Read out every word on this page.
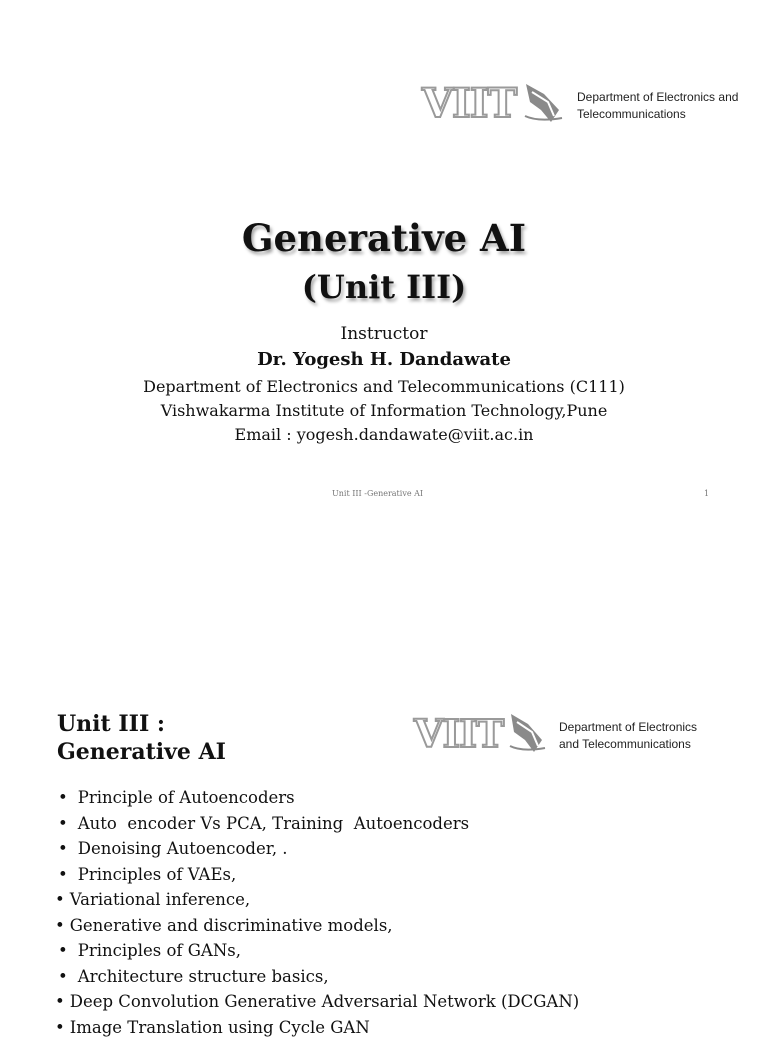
VIIT	Department of Electronics and
Telecommunications
Generative AI
(Unit III)
Instructor
Dr. Yogesh H. Dandawate
Department of Electronics and Telecommunications (C111)
Vishwakarma Institute of Information Technology,Pune
Email : yogesh.dandawate@viit.ac.in
Unit III -Generative AI	1
Unit III :
Generative AI	VIIT	Department of Electronics
and Telecommunications
• Principle of Autoencoders
• Auto  encoder Vs PCA, Training  Autoencoders
• Denoising Autoencoder, .
• Principles of VAEs,
• Variational inference,
• Generative and discriminative models,
• Principles of GANs,
• Architecture structure basics,
• Deep Convolution Generative Adversarial Network (DCGAN)
• Image Translation using Cycle GAN
